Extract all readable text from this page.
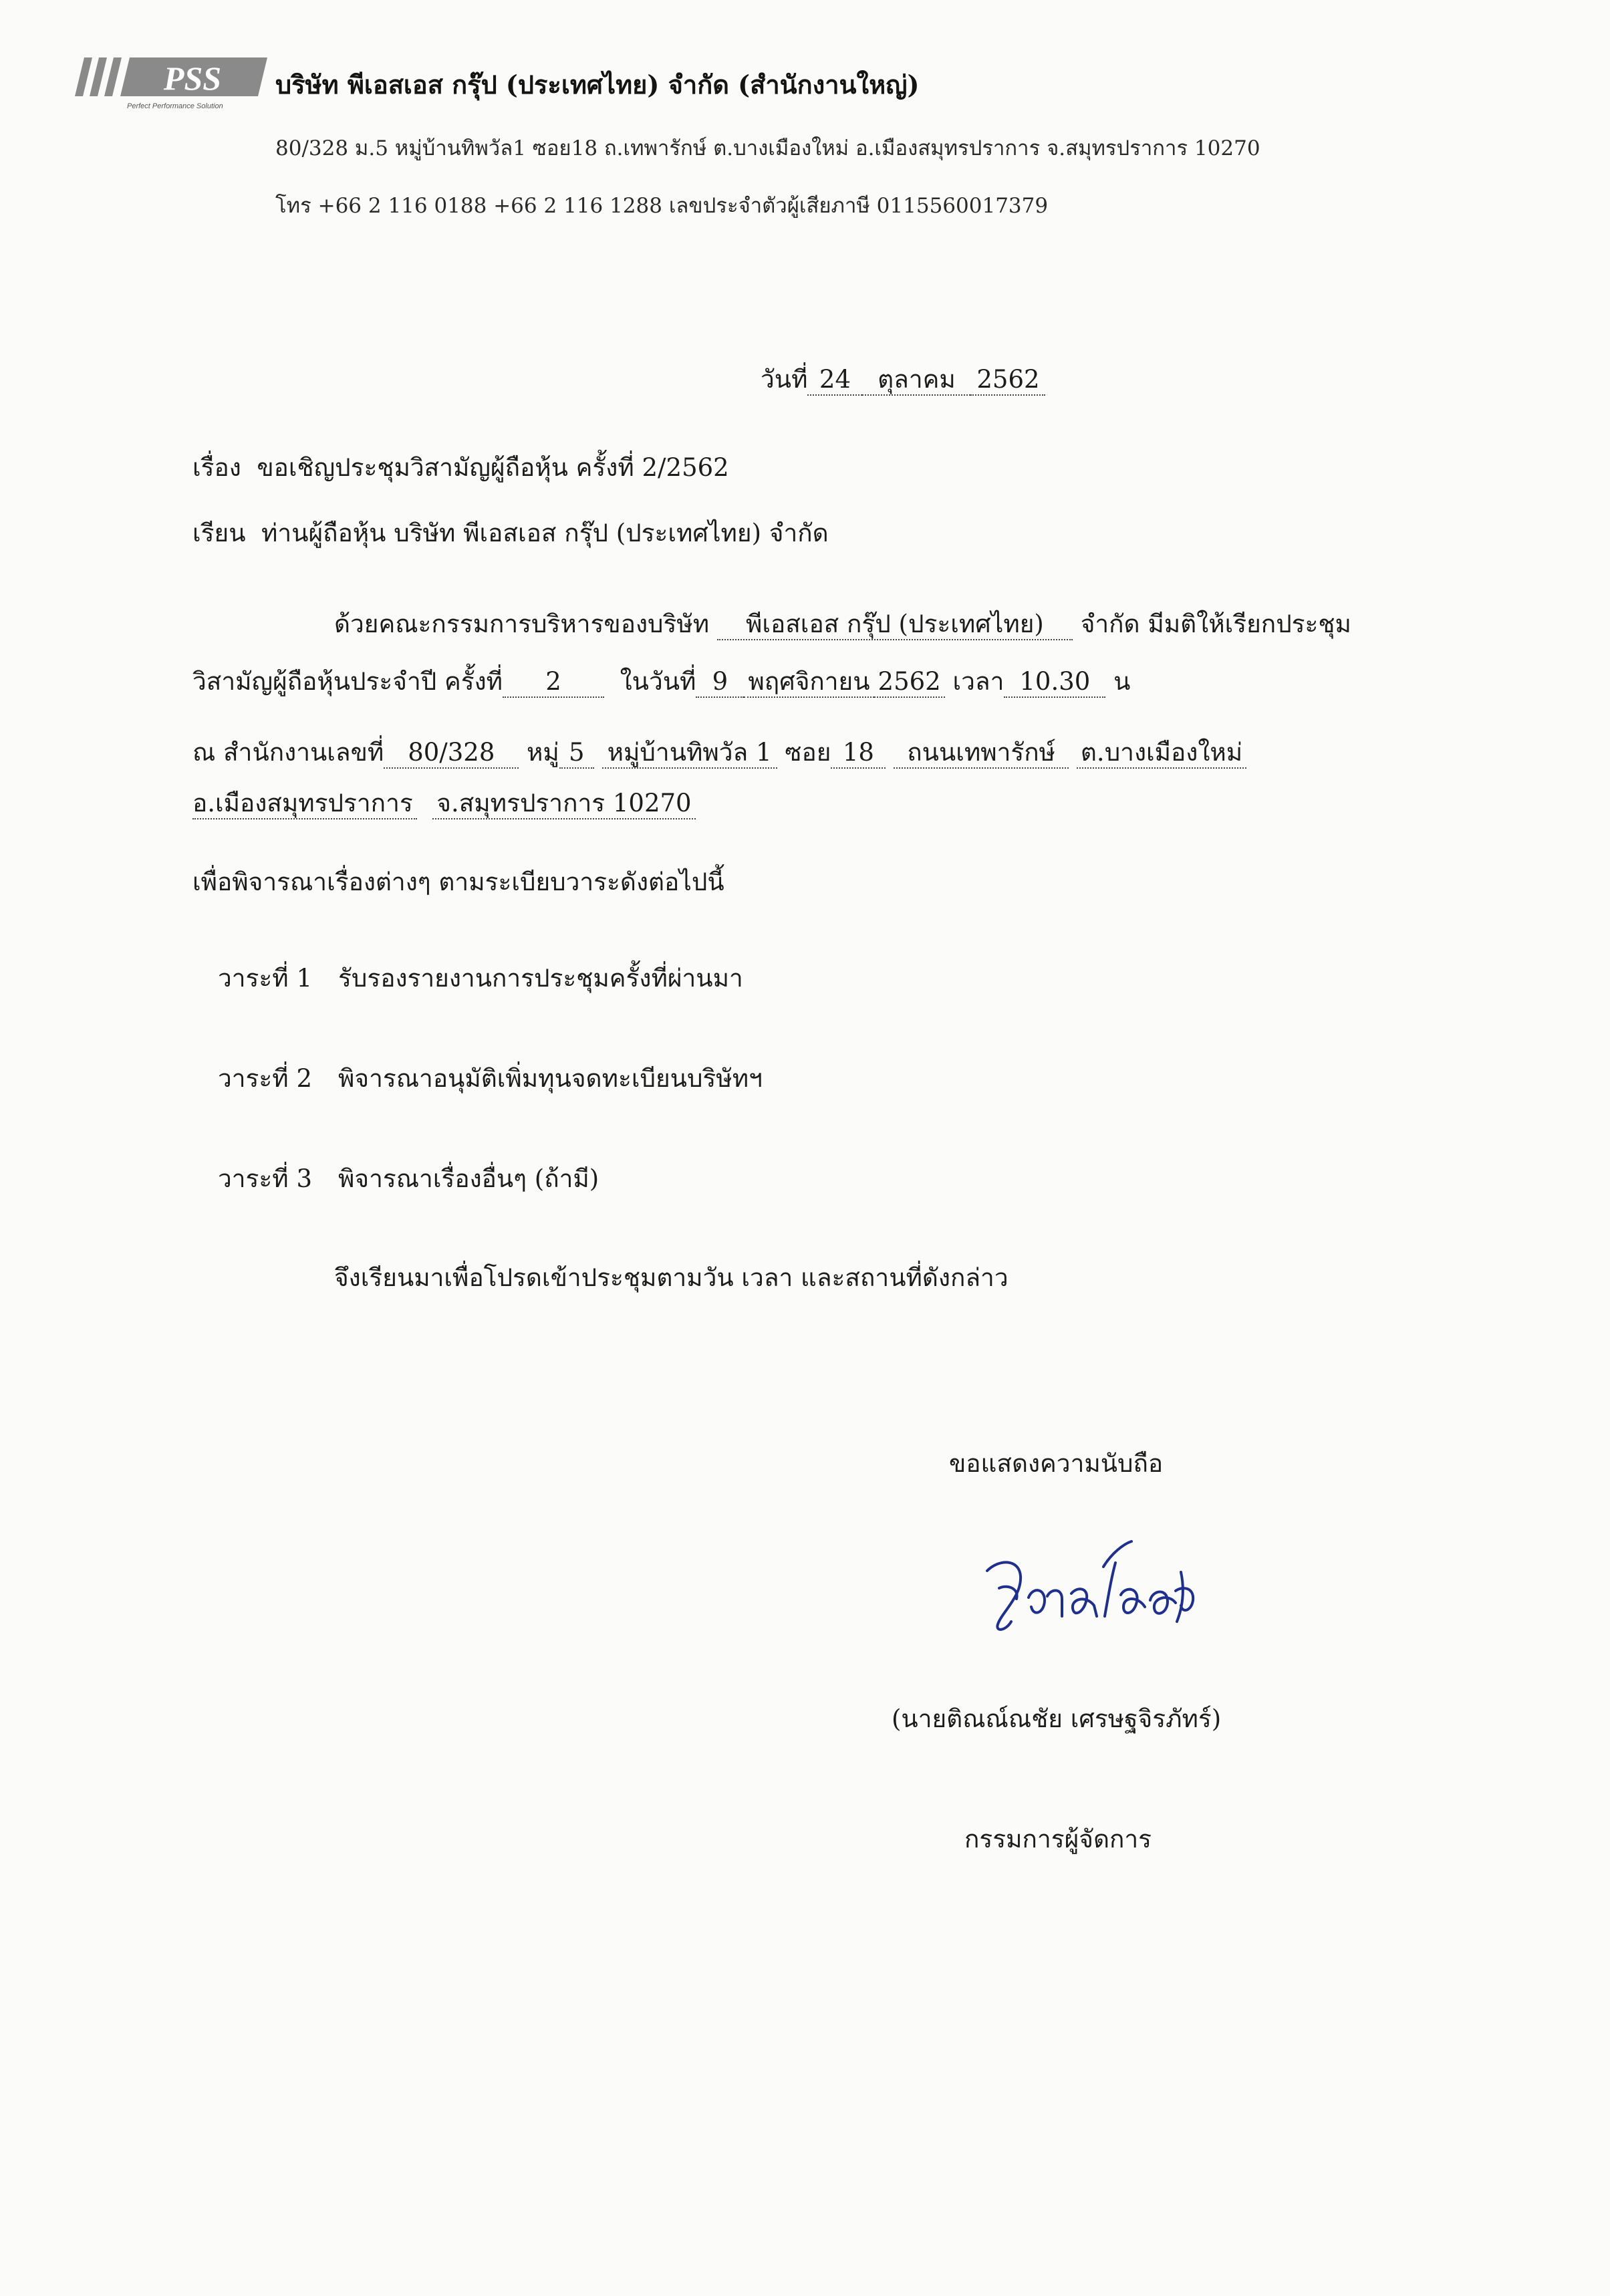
PSS
Perfect Performance Solution
บริษัท พีเอสเอส กรุ๊ป (ประเทศไทย) จำกัด (สำนักงานใหญ่)
80/328 ม.5 หมู่บ้านทิพวัล1 ซอย18 ถ.เทพารักษ์ ต.บางเมืองใหม่ อ.เมืองสมุทรปราการ จ.สมุทรปราการ 10270
โทร +66 2 116 0188 +66 2 116 1288 เลขประจำตัวผู้เสียภาษี 0115560017379
วันที่ 24 ตุลาคม 2562
เรื่อง ขอเชิญประชุมวิสามัญผู้ถือหุ้น ครั้งที่ 2/2562
เรียน ท่านผู้ถือหุ้น บริษัท พีเอสเอส กรุ๊ป (ประเทศไทย) จำกัด
ด้วยคณะกรรมการบริหารของบริษัท พีเอสเอส กรุ๊ป (ประเทศไทย) จำกัด มีมติให้เรียกประชุม
วิสามัญผู้ถือหุ้นประจำปี ครั้งที่ 2 ในวันที่ 9 พฤศจิกายน 2562 เวลา 10.30 น
ณ สำนักงานเลขที่ 80/328 หมู่ 5 หมู่บ้านทิพวัล 1 ซอย 18 ถนนเทพารักษ์ ต.บางเมืองใหม่
อ.เมืองสมุทรปราการ จ.สมุทรปราการ 10270
เพื่อพิจารณาเรื่องต่างๆ ตามระเบียบวาระดังต่อไปนี้
วาระที่ 1 รับรองรายงานการประชุมครั้งที่ผ่านมา
วาระที่ 2 พิจารณาอนุมัติเพิ่มทุนจดทะเบียนบริษัทฯ
วาระที่ 3 พิจารณาเรื่องอื่นๆ (ถ้ามี)
จึงเรียนมาเพื่อโปรดเข้าประชุมตามวัน เวลา และสถานที่ดังกล่าว
ขอแสดงความนับถือ
(นายติณณ์ณชัย เศรษฐจิรภัทร์)
กรรมการผู้จัดการ
